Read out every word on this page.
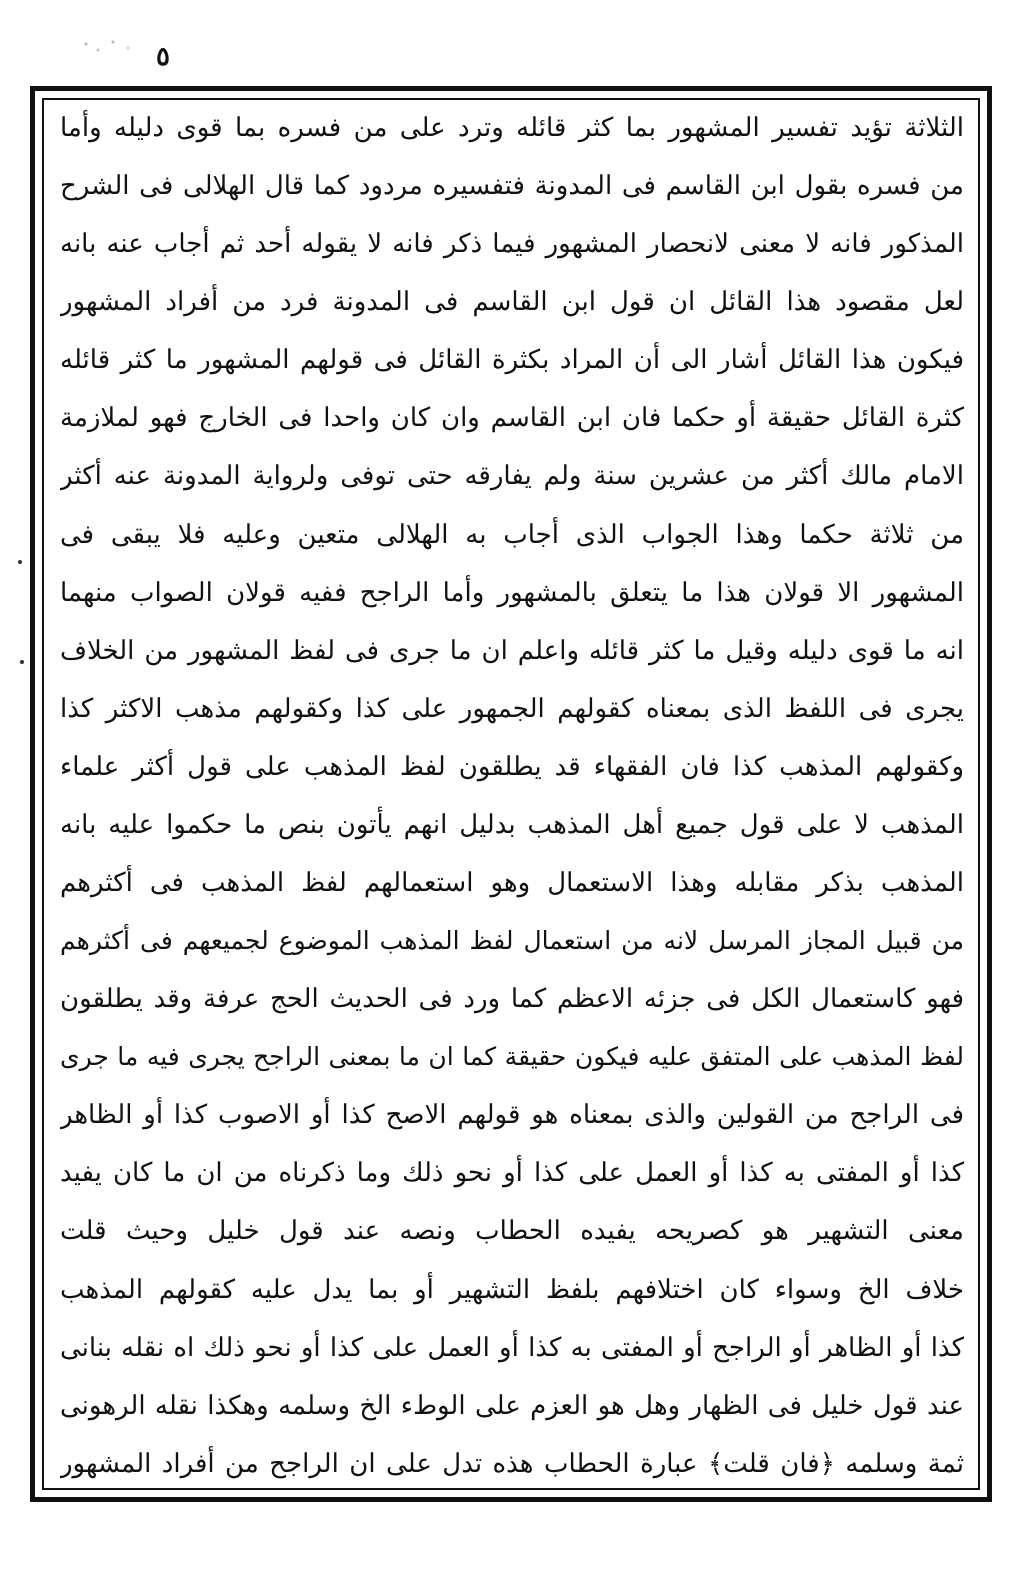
٥
الثلاثة تؤيد تفسير المشهور بما كثر قائله وترد على من فسره بما قوى دليله وأما
من فسره بقول ابن القاسم فى المدونة فتفسيره مردود كما قال الهلالى فى الشرح
المذكور فانه لا معنى لانحصار المشهور فيما ذكر فانه لا يقوله أحد ثم أجاب عنه بانه
لعل مقصود هذا القائل ان قول ابن القاسم فى المدونة فرد من أفراد المشهور
فيكون هذا القائل أشار الى أن المراد بكثرة القائل فى قولهم المشهور ما كثر قائله
كثرة القائل حقيقة أو حكما فان ابن القاسم وان كان واحدا فى الخارج فهو لملازمة
الامام مالك أكثر من عشرين سنة ولم يفارقه حتى توفى ولرواية المدونة عنه أكثر
من ثلاثة حكما وهذا الجواب الذى أجاب به الهلالى متعين وعليه فلا يبقى فى
المشهور الا قولان هذا ما يتعلق بالمشهور وأما الراجح ففيه قولان الصواب منهما
انه ما قوى دليله وقيل ما كثر قائله واعلم ان ما جرى فى لفظ المشهور من الخلاف
يجرى فى اللفظ الذى بمعناه كقولهم الجمهور على كذا وكقولهم مذهب الاكثر كذا
وكقولهم المذهب كذا فان الفقهاء قد يطلقون لفظ المذهب على قول أكثر علماء
المذهب لا على قول جميع أهل المذهب بدليل انهم يأتون بنص ما حكموا عليه بانه
المذهب بذكر مقابله وهذا الاستعمال وهو استعمالهم لفظ المذهب فى أكثرهم
من قبيل المجاز المرسل لانه من استعمال لفظ المذهب الموضوع لجميعهم فى أكثرهم
فهو كاستعمال الكل فى جزئه الاعظم كما ورد فى الحديث الحج عرفة وقد يطلقون
لفظ المذهب على المتفق عليه فيكون حقيقة كما ان ما بمعنى الراجح يجرى فيه ما جرى
فى الراجح من القولين والذى بمعناه هو قولهم الاصح كذا أو الاصوب كذا أو الظاهر
كذا أو المفتى به كذا أو العمل على كذا أو نحو ذلك وما ذكرناه من ان ما كان يفيد
معنى التشهير هو كصريحه يفيده الحطاب ونصه عند قول خليل وحيث قلت
خلاف الخ وسواء كان اختلافهم بلفظ التشهير أو بما يدل عليه كقولهم المذهب
كذا أو الظاهر أو الراجح أو المفتى به كذا أو العمل على كذا أو نحو ذلك اه نقله بنانى
عند قول خليل فى الظهار وهل هو العزم على الوطء الخ وسلمه وهكذا نقله الرهونى
ثمة وسلمه ﴿فان قلت﴾ عبارة الحطاب هذه تدل على ان الراجح من أفراد المشهور
